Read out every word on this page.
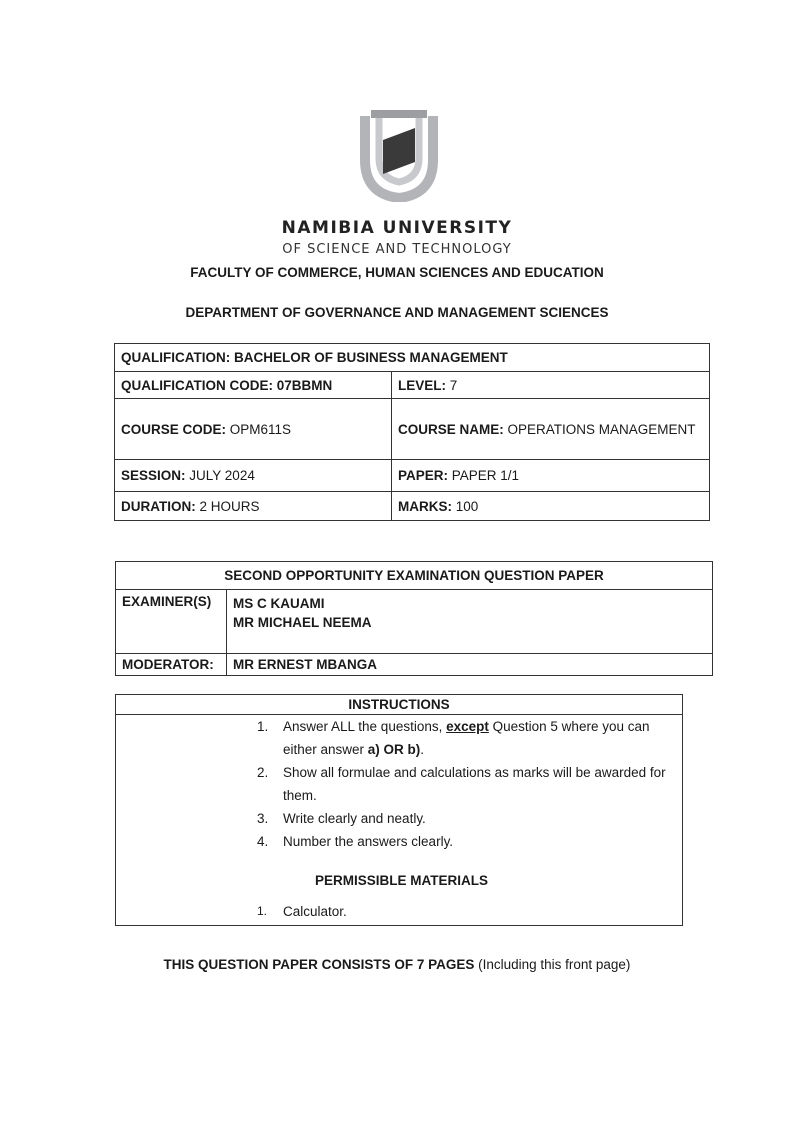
NAMIBIA UNIVERSITY
OF SCIENCE AND TECHNOLOGY
FACULTY OF COMMERCE, HUMAN SCIENCES AND EDUCATION
DEPARTMENT OF GOVERNANCE AND MANAGEMENT SCIENCES
QUALIFICATION: BACHELOR OF BUSINESS MANAGEMENT	
QUALIFICATION CODE: 07BBMN	LEVEL: 7
COURSE CODE: OPM611S	COURSE NAME: OPERATIONS MANAGEMENT
SESSION: JULY 2024	PAPER: PAPER 1/1
DURATION: 2 HOURS	MARKS: 100
SECOND OPPORTUNITY EXAMINATION QUESTION PAPER	
EXAMINER(S)	MS C KAUAMI
MR MICHAEL NEEMA

MODERATOR:	MR ERNEST MBANGA
INSTRUCTIONS

1. Answer ALL the questions, except Question 5 where you can either answer a) OR b).
2. Show all formulae and calculations as marks will be awarded for them.
3. Write clearly and neatly.
4. Number the answers clearly.
PERMISSIBLE MATERIALS
1. Calculator.
THIS QUESTION PAPER CONSISTS OF 7 PAGES (Including this front page)
